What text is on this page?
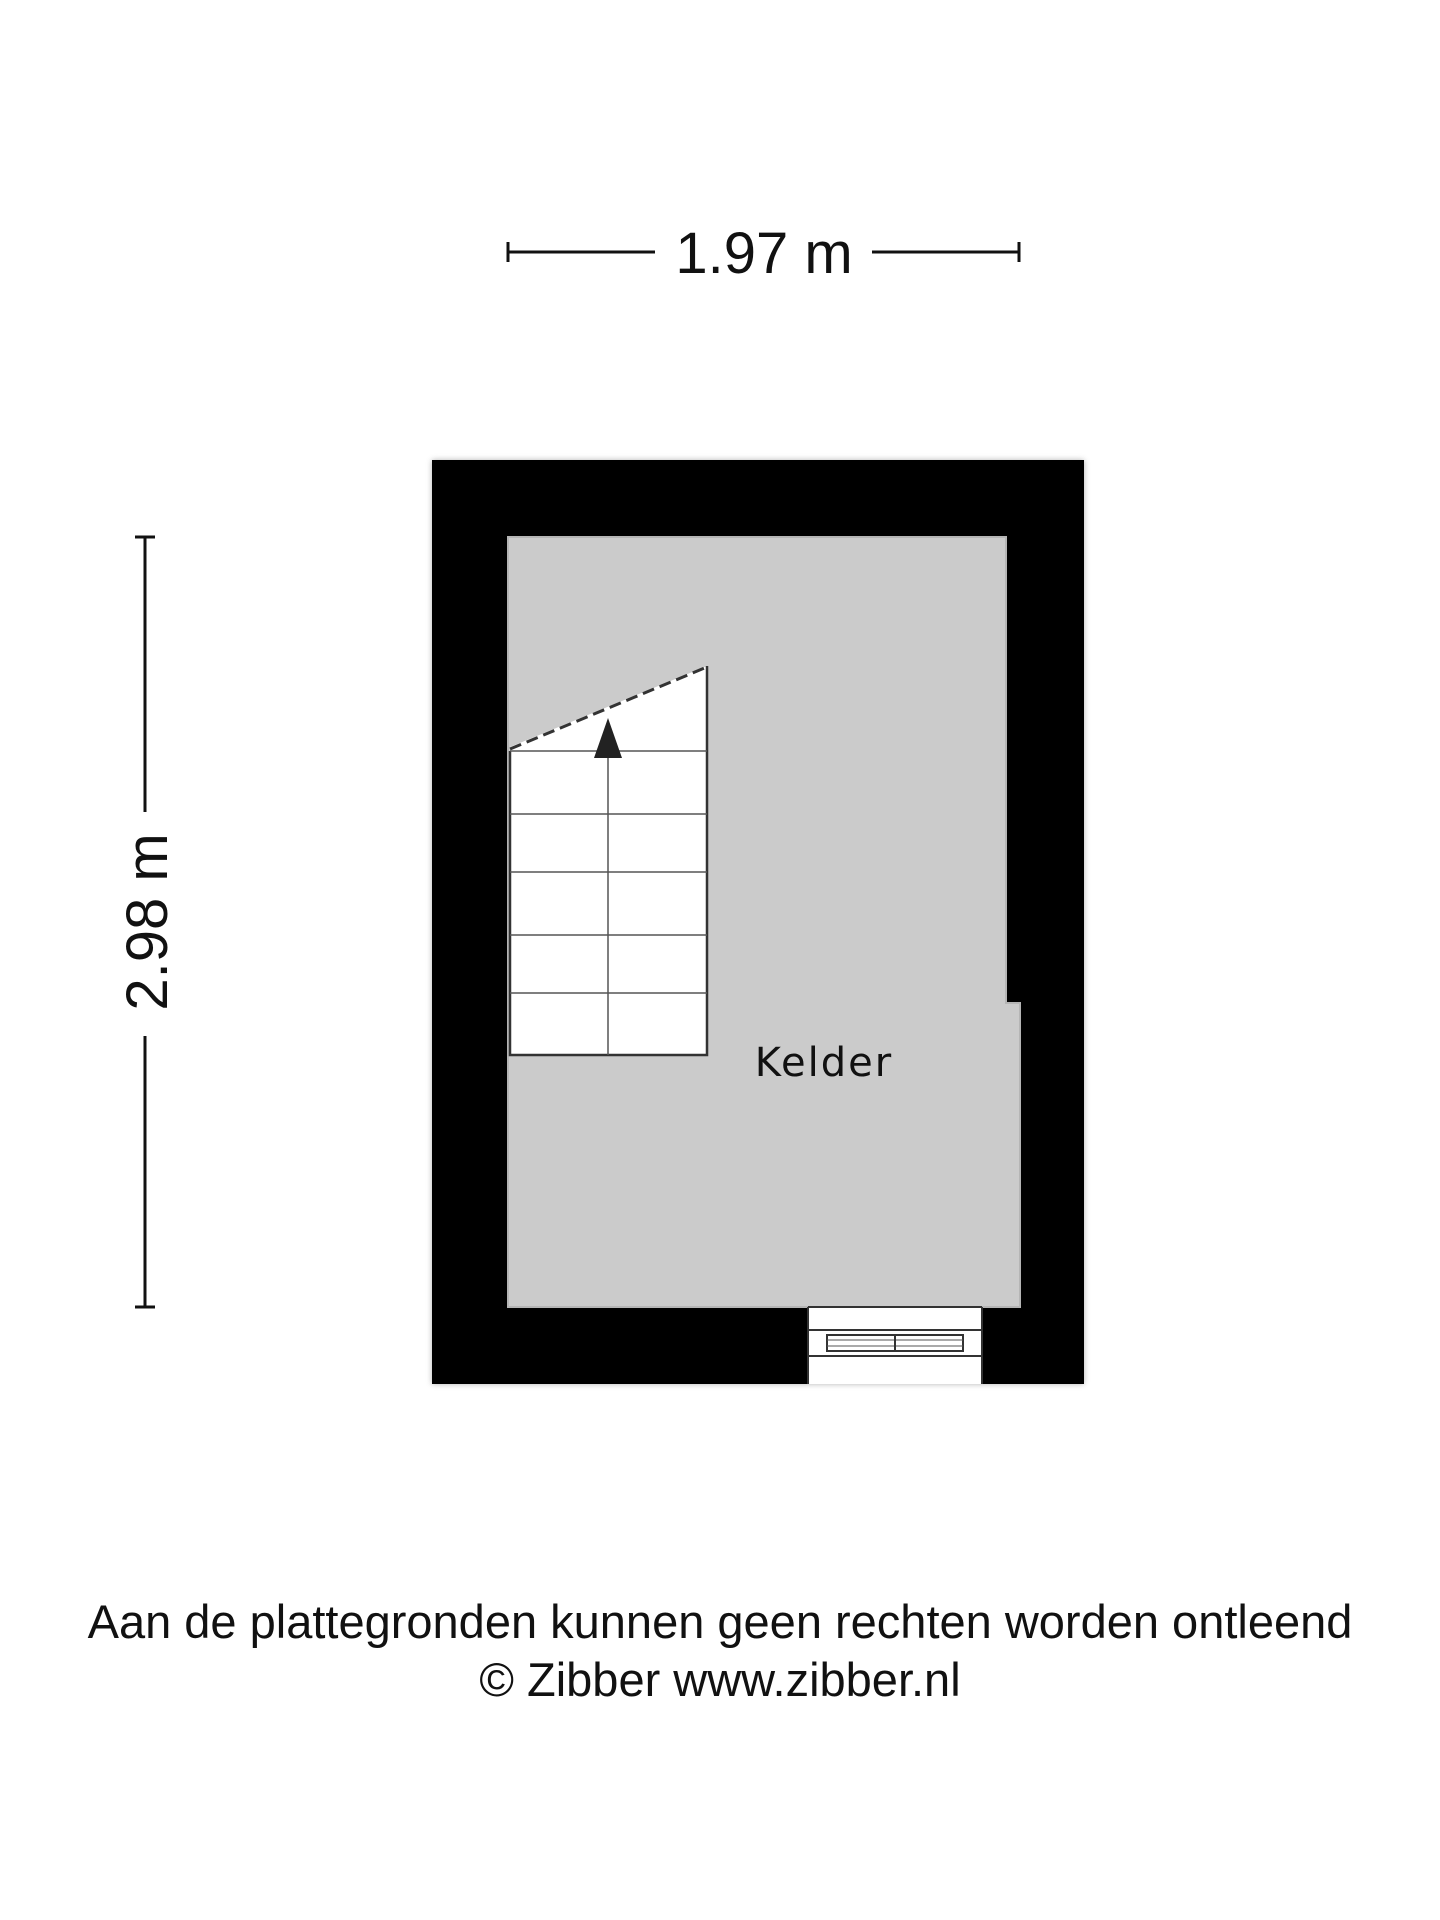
1.97 m
2.98 m
Kelder
Aan de plattegronden kunnen geen rechten worden ontleend
© Zibber www.zibber.nl
